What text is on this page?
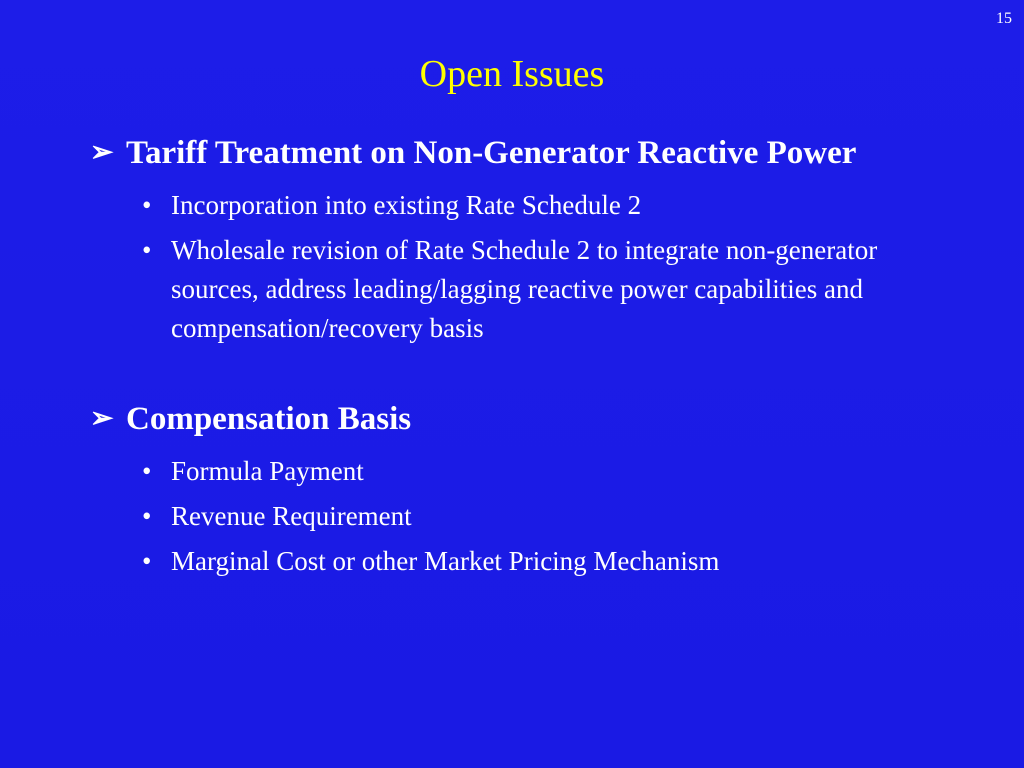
15
Open Issues
➢ Tariff Treatment on Non-Generator Reactive Power
• Incorporation into existing Rate Schedule 2
• Wholesale revision of Rate Schedule 2 to integrate non-generator sources, address leading/lagging reactive power capabilities and compensation/recovery basis
➢ Compensation Basis
• Formula Payment
• Revenue Requirement
• Marginal Cost or other Market Pricing Mechanism
